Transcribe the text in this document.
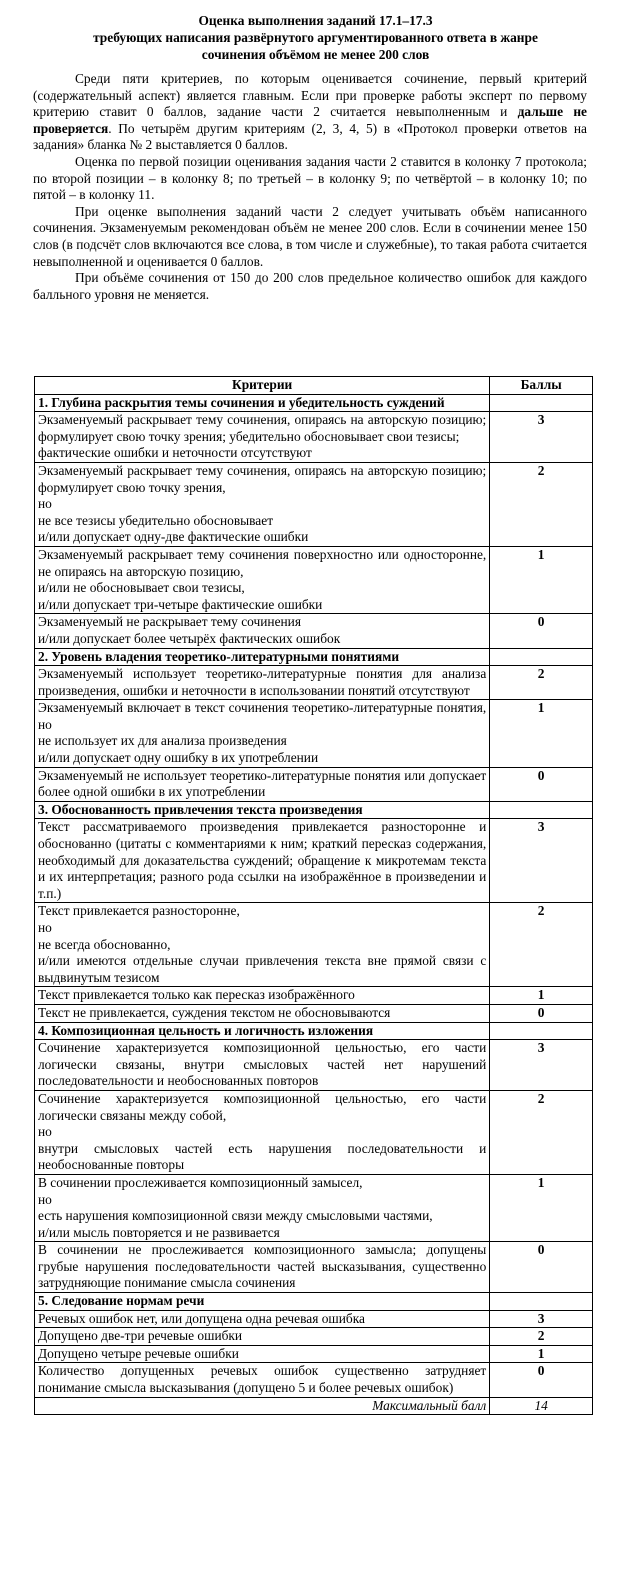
Оценка выполнения заданий 17.1–17.3
требующих написания развёрнутого аргументированного ответа в жанре
сочинения объёмом не менее 200 слов

Среди пяти критериев, по которым оценивается сочинение, первый критерий (содержательный аспект) является главным. Если при проверке работы эксперт по первому критерию ставит 0 баллов, задание части 2 считается невыполненным и дальше не проверяется. По четырём другим критериям (2, 3, 4, 5) в «Протокол проверки ответов на задания» бланка № 2 выставляется 0 баллов.

Оценка по первой позиции оценивания задания части 2 ставится в колонку 7 протокола; по второй позиции – в колонку 8; по третьей – в колонку 9; по четвёртой – в колонку 10; по пятой – в колонку 11.

При оценке выполнения заданий части 2 следует учитывать объём написанного сочинения. Экзаменуемым рекомендован объём не менее 200 слов. Если в сочинении менее 150 слов (в подсчёт слов включаются все слова, в том числе и служебные), то такая работа считается невыполненной и оценивается 0 баллов.

При объёме сочинения от 150 до 200 слов предельное количество ошибок для каждого балльного уровня не меняется.

Критерии	Баллы
1. Глубина раскрытия темы сочинения и убедительность суждений	

Экзаменуемый раскрывает тему сочинения, опираясь на авторскую позицию; формулирует свою точку зрения; убедительно обосновывает свои тезисы;
фактические ошибки и неточности отсутствуют	3

Экзаменуемый раскрывает тему сочинения, опираясь на авторскую позицию; формулирует свою точку зрения,
но
не все тезисы убедительно обосновывает
и/или допускает одну-две фактические ошибки	2

Экзаменуемый раскрывает тему сочинения поверхностно или односторонне, не опираясь на авторскую позицию,
и/или не обосновывает свои тезисы,
и/или допускает три-четыре фактические ошибки	1

Экзаменуемый не раскрывает тему сочинения
и/или допускает более четырёх фактических ошибок	0
2. Уровень владения теоретико-литературными понятиями	

Экзаменуемый использует теоретико-литературные понятия для анализа произведения, ошибки и неточности в использовании понятий отсутствуют	2

Экзаменуемый включает в текст сочинения теоретико-литературные понятия, но
не использует их для анализа произведения
и/или допускает одну ошибку в их употреблении	1

Экзаменуемый не использует теоретико-литературные понятия или допускает более одной ошибки в их употреблении	0
3. Обоснованность привлечения текста произведения	

Текст рассматриваемого произведения привлекается разносторонне и обоснованно (цитаты с комментариями к ним; краткий пересказ содержания, необходимый для доказательства суждений; обращение к микротемам текста и их интерпретация; разного рода ссылки на изображённое в произведении и т.п.)	3

Текст привлекается разносторонне,
но
не всегда обоснованно,
и/или имеются отдельные случаи привлечения текста вне прямой связи с выдвинутым тезисом	2

Текст привлекается только как пересказ изображённого	1

Текст не привлекается, суждения текстом не обосновываются	0
4. Композиционная цельность и логичность изложения	

Сочинение характеризуется композиционной цельностью, его части логически связаны, внутри смысловых частей нет нарушений последовательности и необоснованных повторов	3

Сочинение характеризуется композиционной цельностью, его части логически связаны между собой,
но
внутри смысловых частей есть нарушения последовательности и необоснованные повторы	2

В сочинении прослеживается композиционный замысел,
но
есть нарушения композиционной связи между смысловыми частями,
и/или мысль повторяется и не развивается	1

В сочинении не прослеживается композиционного замысла; допущены грубые нарушения последовательности частей высказывания, существенно затрудняющие понимание смысла сочинения	0
5. Следование нормам речи	

Речевых ошибок нет, или допущена одна речевая ошибка	3

Допущено две-три речевые ошибки	2

Допущено четыре речевые ошибки	1

Количество допущенных речевых ошибок существенно затрудняет понимание смысла высказывания (допущено 5 и более речевых ошибок)	0
Максимальный балл	14
